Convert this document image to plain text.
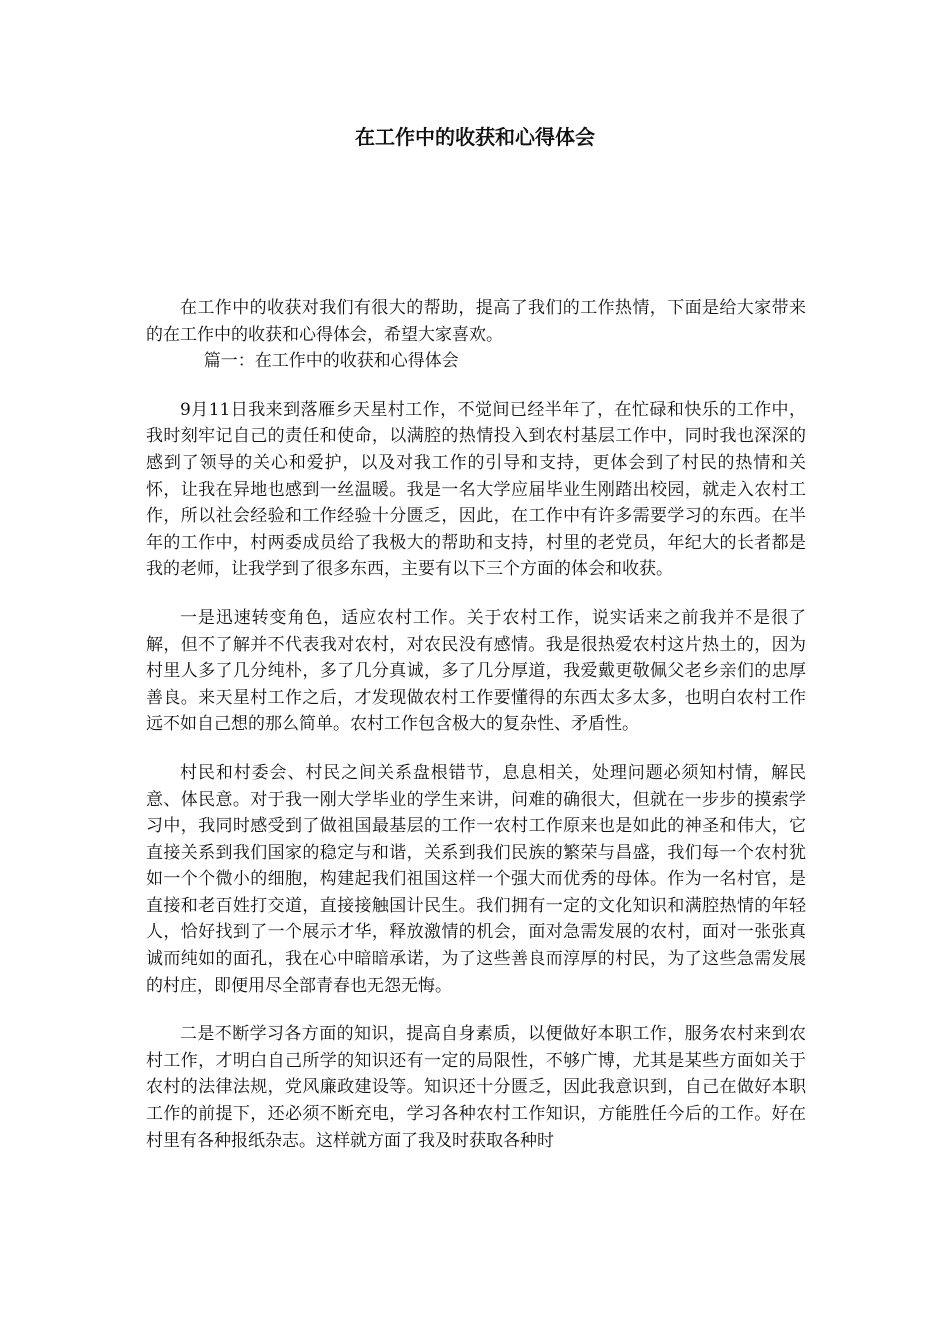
在工作中的收获和心得体会

在工作中的收获对我们有很大的帮助，提高了我们的工作热情，下面是给大家带来的在工作中的收获和心得体会，希望大家喜欢。

篇一：在工作中的收获和心得体会

9月11日我来到落雁乡天星村工作，不觉间已经半年了，在忙碌和快乐的工作中，我时刻牢记自己的责任和使命，以满腔的热情投入到农村基层工作中，同时我也深深的感到了领导的关心和爱护，以及对我工作的引导和支持，更体会到了村民的热情和关怀，让我在异地也感到一丝温暖。我是一名大学应届毕业生刚踏出校园，就走入农村工作，所以社会经验和工作经验十分匮乏，因此，在工作中有许多需要学习的东西。在半年的工作中，村两委成员给了我极大的帮助和支持，村里的老党员，年纪大的长者都是我的老师，让我学到了很多东西，主要有以下三个方面的体会和收获。

一是迅速转变角色，适应农村工作。关于农村工作，说实话来之前我并不是很了解，但不了解并不代表我对农村，对农民没有感情。我是很热爱农村这片热土的，因为村里人多了几分纯朴，多了几分真诚，多了几分厚道，我爱戴更敬佩父老乡亲们的忠厚善良。来天星村工作之后，才发现做农村工作要懂得的东西太多太多，也明白农村工作远不如自己想的那么简单。农村工作包含极大的复杂性、矛盾性。

村民和村委会、村民之间关系盘根错节，息息相关，处理问题必须知村情，解民意、体民意。对于我一刚大学毕业的学生来讲，问难的确很大，但就在一步步的摸索学习中，我同时感受到了做祖国最基层的工作一农村工作原来也是如此的神圣和伟大，它直接关系到我们国家的稳定与和谐，关系到我们民族的繁荣与昌盛，我们每一个农村犹如一个个微小的细胞，构建起我们祖国这样一个强大而优秀的母体。作为一名村官，是直接和老百姓打交道，直接接触国计民生。我们拥有一定的文化知识和满腔热情的年轻人，恰好找到了一个展示才华，释放激情的机会，面对急需发展的农村，面对一张张真诚而纯如的面孔，我在心中暗暗承诺，为了这些善良而淳厚的村民，为了这些急需发展的村庄，即便用尽全部青春也无怨无悔。

二是不断学习各方面的知识，提高自身素质，以便做好本职工作，服务农村来到农村工作，才明白自己所学的知识还有一定的局限性，不够广博，尤其是某些方面如关于农村的法律法规，党风廉政建设等。知识还十分匮乏，因此我意识到，自己在做好本职工作的前提下，还必须不断充电，学习各种农村工作知识，方能胜任今后的工作。好在村里有各种报纸杂志。这样就方面了我及时获取各种时
